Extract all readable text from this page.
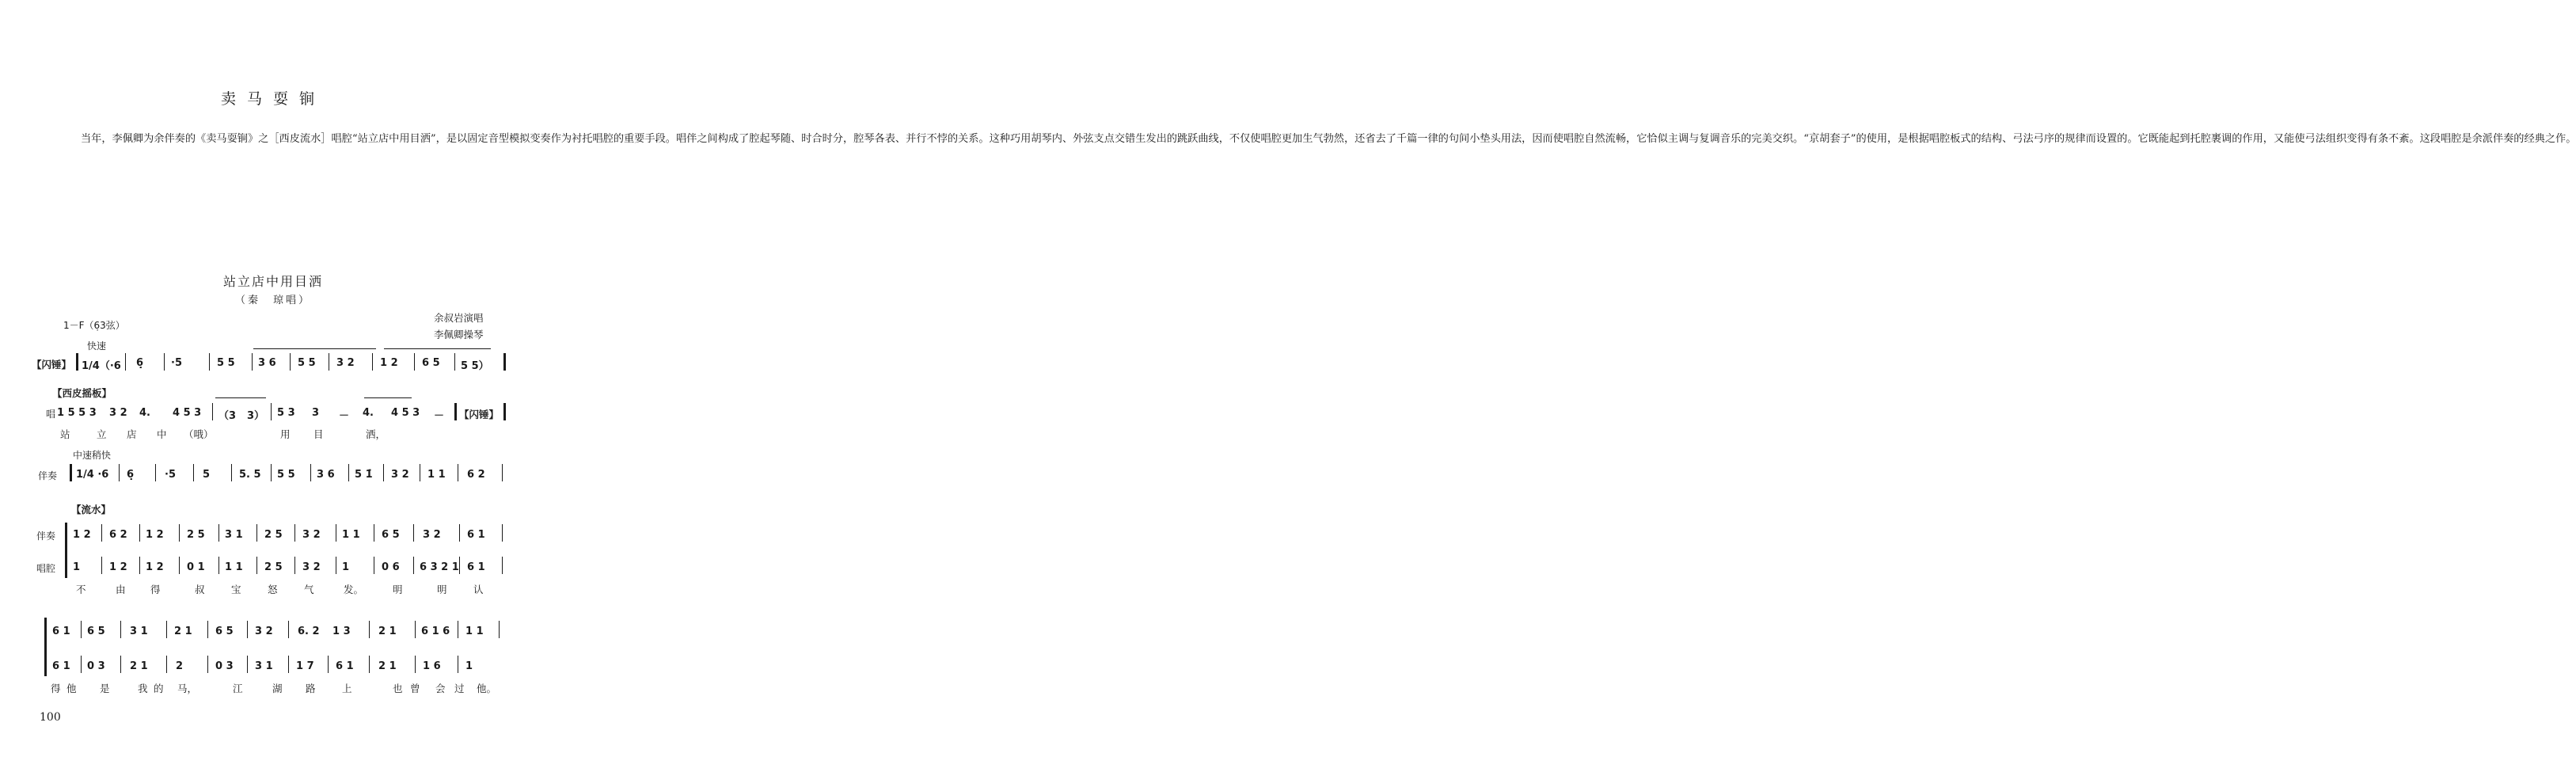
卖马耍锏

当年，李佩卿为余伴奏的《卖马耍锏》之［西皮流水］唱腔“站立店中用目洒”，是以固定音型模拟变奏作为衬托唱腔的重要手段。唱伴之间构成了腔起琴随、时合时分，腔琴各表、并行不悖的关系。这种巧用胡琴内、外弦支点交错生发出的跳跃曲线，不仅使唱腔更加生气勃然，还省去了千篇一律的句间小垫头用法，因而使唱腔自然流畅，它恰似主调与复调音乐的完美交织。“京胡套子”的使用，是根据唱腔板式的结构、弓法弓序的规律而设置的。它既能起到托腔裹调的作用，又能使弓法组织变得有条不紊。这段唱腔是余派伴奏的经典之作。

站立店中用目洒
（秦　琼唱）
余叔岩演唱
李佩卿操琴
1－F（6̣3弦）
快速
【闪锤】 1/4（·6 6̣	·5	5 5 3 6 5 5 3 2 1 2 6 5 5 5）
【西皮摇板】
唱 1 5 5 3 3 2 4. 4 5 3 （3 3） 5 3 3 － 4. 4 5 3 － 【闪锤】
站	立 店 中 （哦）	用 目	洒，
中速稍快
伴奏 1/4 ·6 6̣	·5	5	5. 5 5 5 3 6 5 1̇ 3 2 1 1 6 2
【流水】
伴奏
唱腔
1 2 6 2 1 2 2 5 3 1 2 5 3 2 1 1 6 5 3 2	6 1
1	1 2 1 2 0 1 1 1 2 5 3 2 1	0 6 6 3 2 1 6 1
不	由	得	叔	宝	怒	气	发。	明	明	认
6 1 6 5 3 1	2 1 6 5 3 2 6. 2 1 3	2 1 6 1 6 1 1
6 1 0 3 2 1	2	0 3 3 1 1 7 6 1 2 1	1 6 1
得 他 是	我 的 马，	江	湖 路	上	也 曾 会 过 他。
100
